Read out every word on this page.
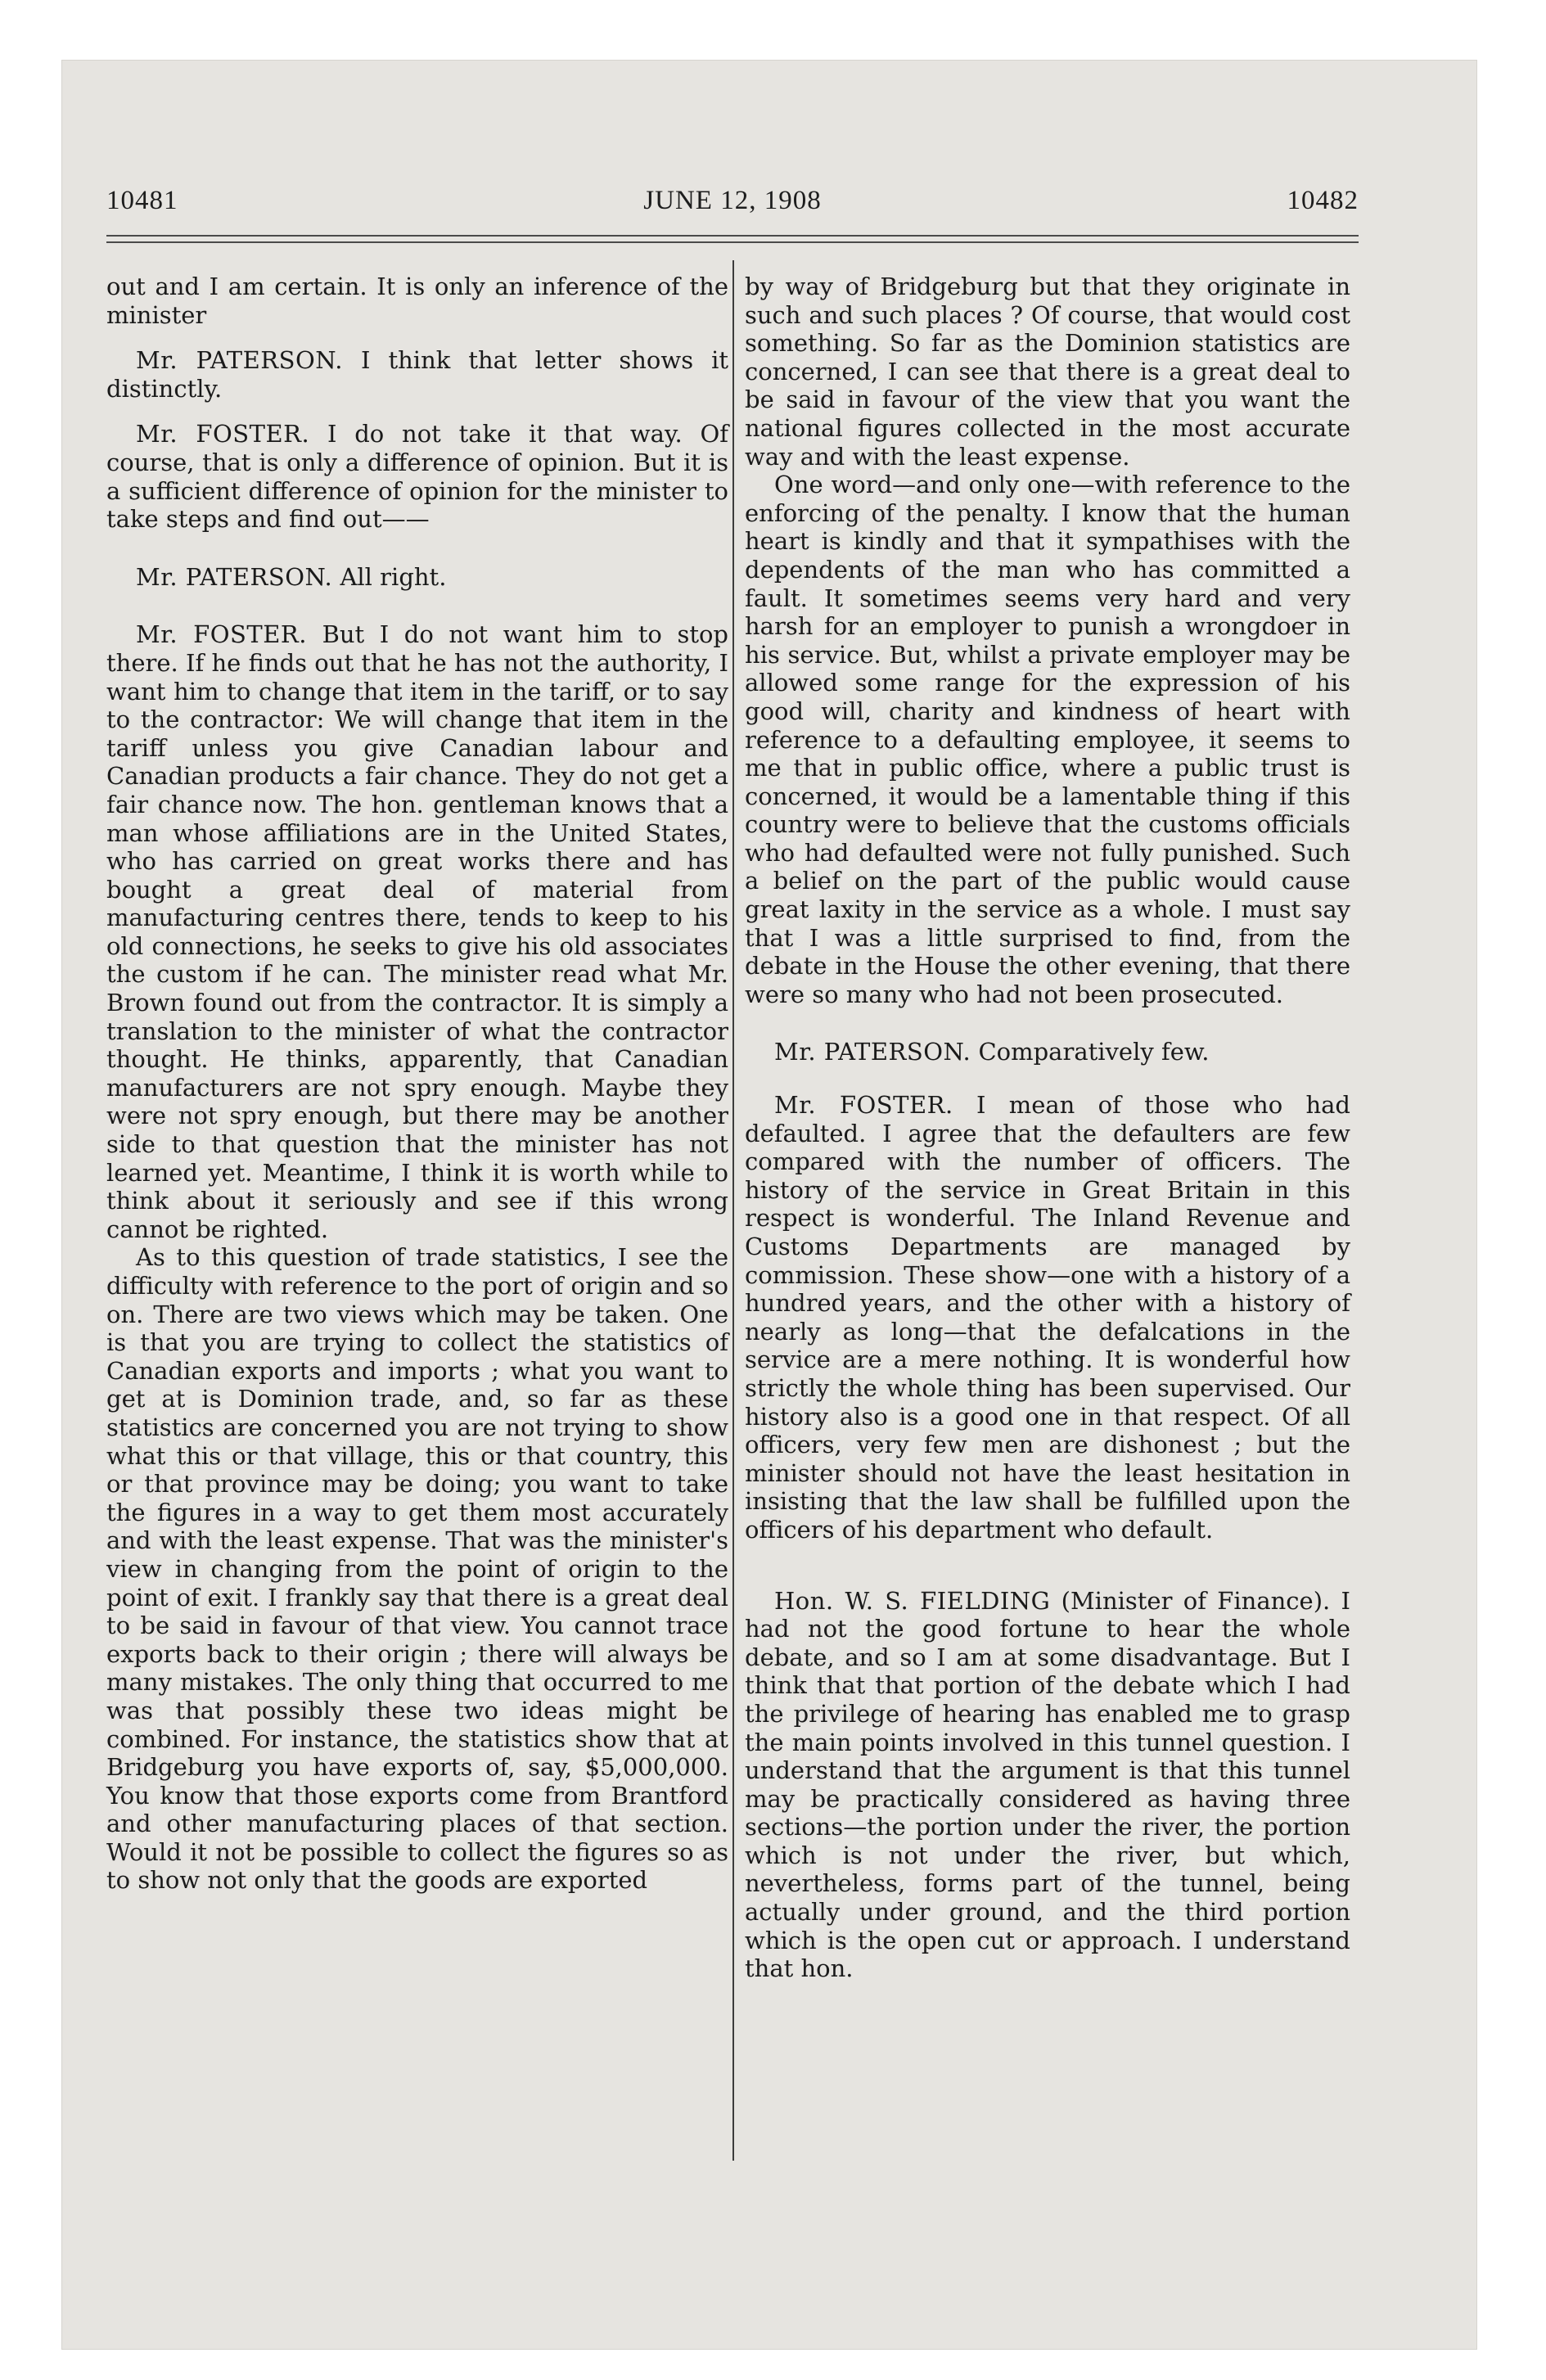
10481	JUNE 12, 1908	10482

out and I am certain. It is only an inference of the minister

Mr. PATERSON. I think that letter shows it distinctly.

Mr. FOSTER. I do not take it that way. Of course, that is only a difference of opinion. But it is a sufficient difference of opinion for the minister to take steps and find out——

Mr. PATERSON. All right.

Mr. FOSTER. But I do not want him to stop there. If he finds out that he has not the authority, I want him to change that item in the tariff, or to say to the contractor: We will change that item in the tariff unless you give Canadian labour and Canadian products a fair chance. They do not get a fair chance now. The hon. gentleman knows that a man whose affiliations are in the United States, who has carried on great works there and has bought a great deal of material from manufacturing centres there, tends to keep to his old connections, he seeks to give his old associates the custom if he can. The minister read what Mr. Brown found out from the contractor. It is simply a translation to the minister of what the contractor thought. He thinks, apparently, that Canadian manufacturers are not spry enough. Maybe they were not spry enough, but there may be another side to that question that the minister has not learned yet. Meantime, I think it is worth while to think about it seriously and see if this wrong cannot be righted.

As to this question of trade statistics, I see the difficulty with reference to the port of origin and so on. There are two views which may be taken. One is that you are trying to collect the statistics of Canadian exports and imports ; what you want to get at is Dominion trade, and, so far as these statistics are concerned you are not trying to show what this or that village, this or that country, this or that province may be doing; you want to take the figures in a way to get them most accurately and with the least expense. That was the minister's view in changing from the point of origin to the point of exit. I frankly say that there is a great deal to be said in favour of that view. You cannot trace exports back to their origin ; there will always be many mistakes. The only thing that occurred to me was that possibly these two ideas might be combined. For instance, the statistics show that at Bridgeburg you have exports of, say, $5,000,000. You know that those exports come from Brantford and other manufacturing places of that section. Would it not be possible to collect the figures so as to show not only that the goods are exported

by way of Bridgeburg but that they originate in such and such places ? Of course, that would cost something. So far as the Dominion statistics are concerned, I can see that there is a great deal to be said in favour of the view that you want the national figures collected in the most accurate way and with the least expense.

One word—and only one—with reference to the enforcing of the penalty. I know that the human heart is kindly and that it sympathises with the dependents of the man who has committed a fault. It sometimes seems very hard and very harsh for an employer to punish a wrongdoer in his service. But, whilst a private employer may be allowed some range for the expression of his good will, charity and kindness of heart with reference to a defaulting employee, it seems to me that in public office, where a public trust is concerned, it would be a lamentable thing if this country were to believe that the customs officials who had defaulted were not fully punished. Such a belief on the part of the public would cause great laxity in the service as a whole. I must say that I was a little surprised to find, from the debate in the House the other evening, that there were so many who had not been prosecuted.

Mr. PATERSON. Comparatively few.

Mr. FOSTER. I mean of those who had defaulted. I agree that the defaulters are few compared with the number of officers. The history of the service in Great Britain in this respect is wonderful. The Inland Revenue and Customs Departments are managed by commission. These show—one with a history of a hundred years, and the other with a history of nearly as long—that the defalcations in the service are a mere nothing. It is wonderful how strictly the whole thing has been supervised. Our history also is a good one in that respect. Of all officers, very few men are dishonest ; but the minister should not have the least hesitation in insisting that the law shall be fulfilled upon the officers of his department who default.

Hon. W. S. FIELDING (Minister of Finance). I had not the good fortune to hear the whole debate, and so I am at some disadvantage. But I think that that portion of the debate which I had the privilege of hearing has enabled me to grasp the main points involved in this tunnel question. I understand that the argument is that this tunnel may be practically considered as having three sections—the portion under the river, the portion which is not under the river, but which, nevertheless, forms part of the tunnel, being actually under ground, and the third portion which is the open cut or approach. I understand that hon.
